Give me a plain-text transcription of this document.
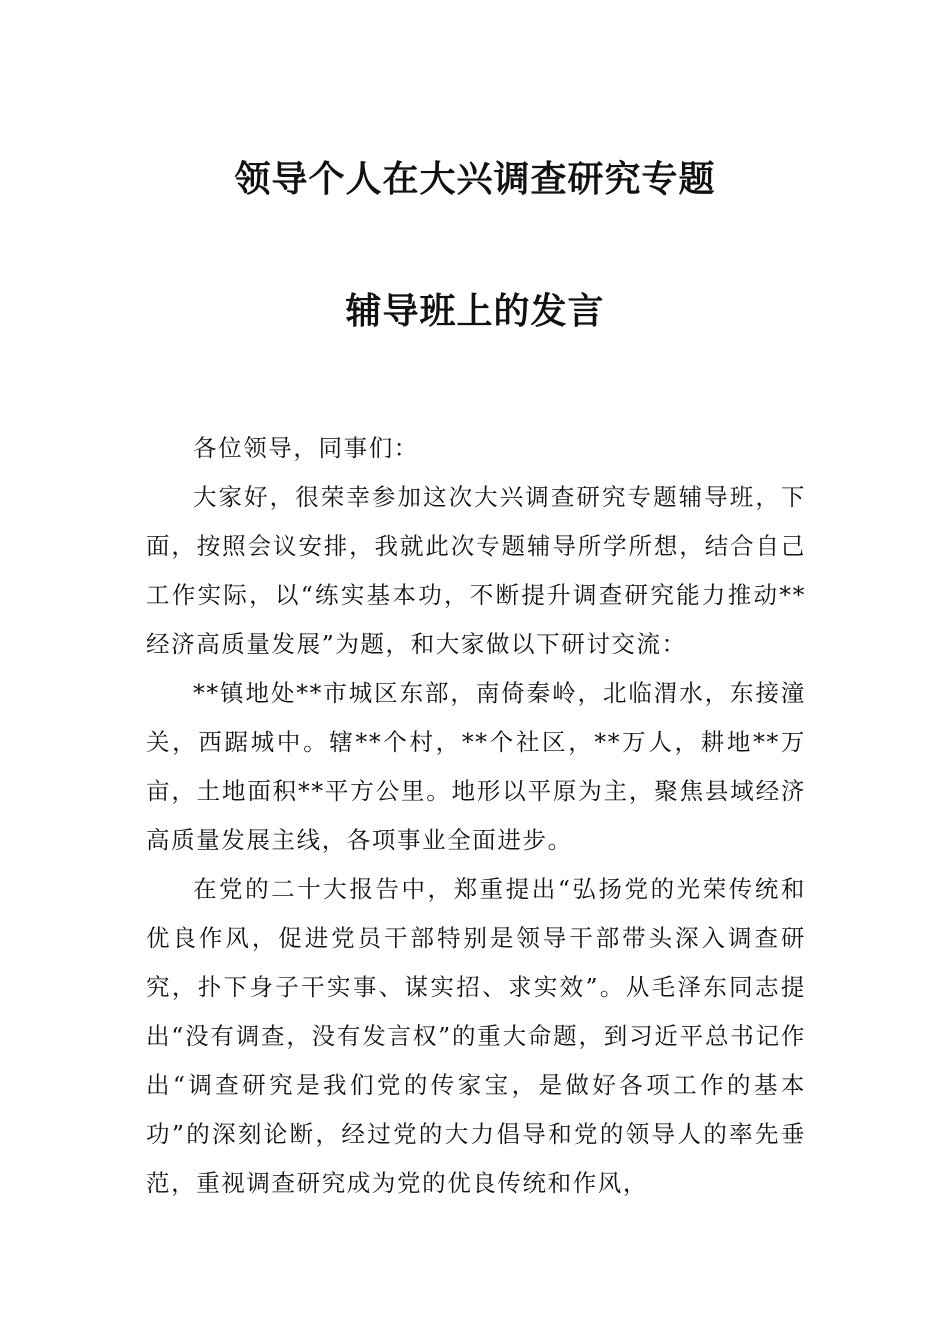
领导个人在大兴调查研究专题
辅导班上的发言

各位领导，同事们：

大家好，很荣幸参加这次大兴调查研究专题辅导班，下面，按照会议安排，我就此次专题辅导所学所想，结合自己工作实际，以“练实基本功，不断提升调查研究能力推动**经济高质量发展”为题，和大家做以下研讨交流：

**镇地处**市城区东部，南倚秦岭，北临渭水，东接潼关，西踞城中。辖**个村，**个社区，**万人，耕地**万亩，土地面积**平方公里。地形以平原为主，聚焦县域经济高质量发展主线，各项事业全面进步。

在党的二十大报告中，郑重提出“弘扬党的光荣传统和优良作风，促进党员干部特别是领导干部带头深入调查研究，扑下身子干实事、谋实招、求实效”。从毛泽东同志提出“没有调查，没有发言权”的重大命题，到习近平总书记作出“调查研究是我们党的传家宝，是做好各项工作的基本功”的深刻论断，经过党的大力倡导和党的领导人的率先垂范，重视调查研究成为党的优良传统和作风，
